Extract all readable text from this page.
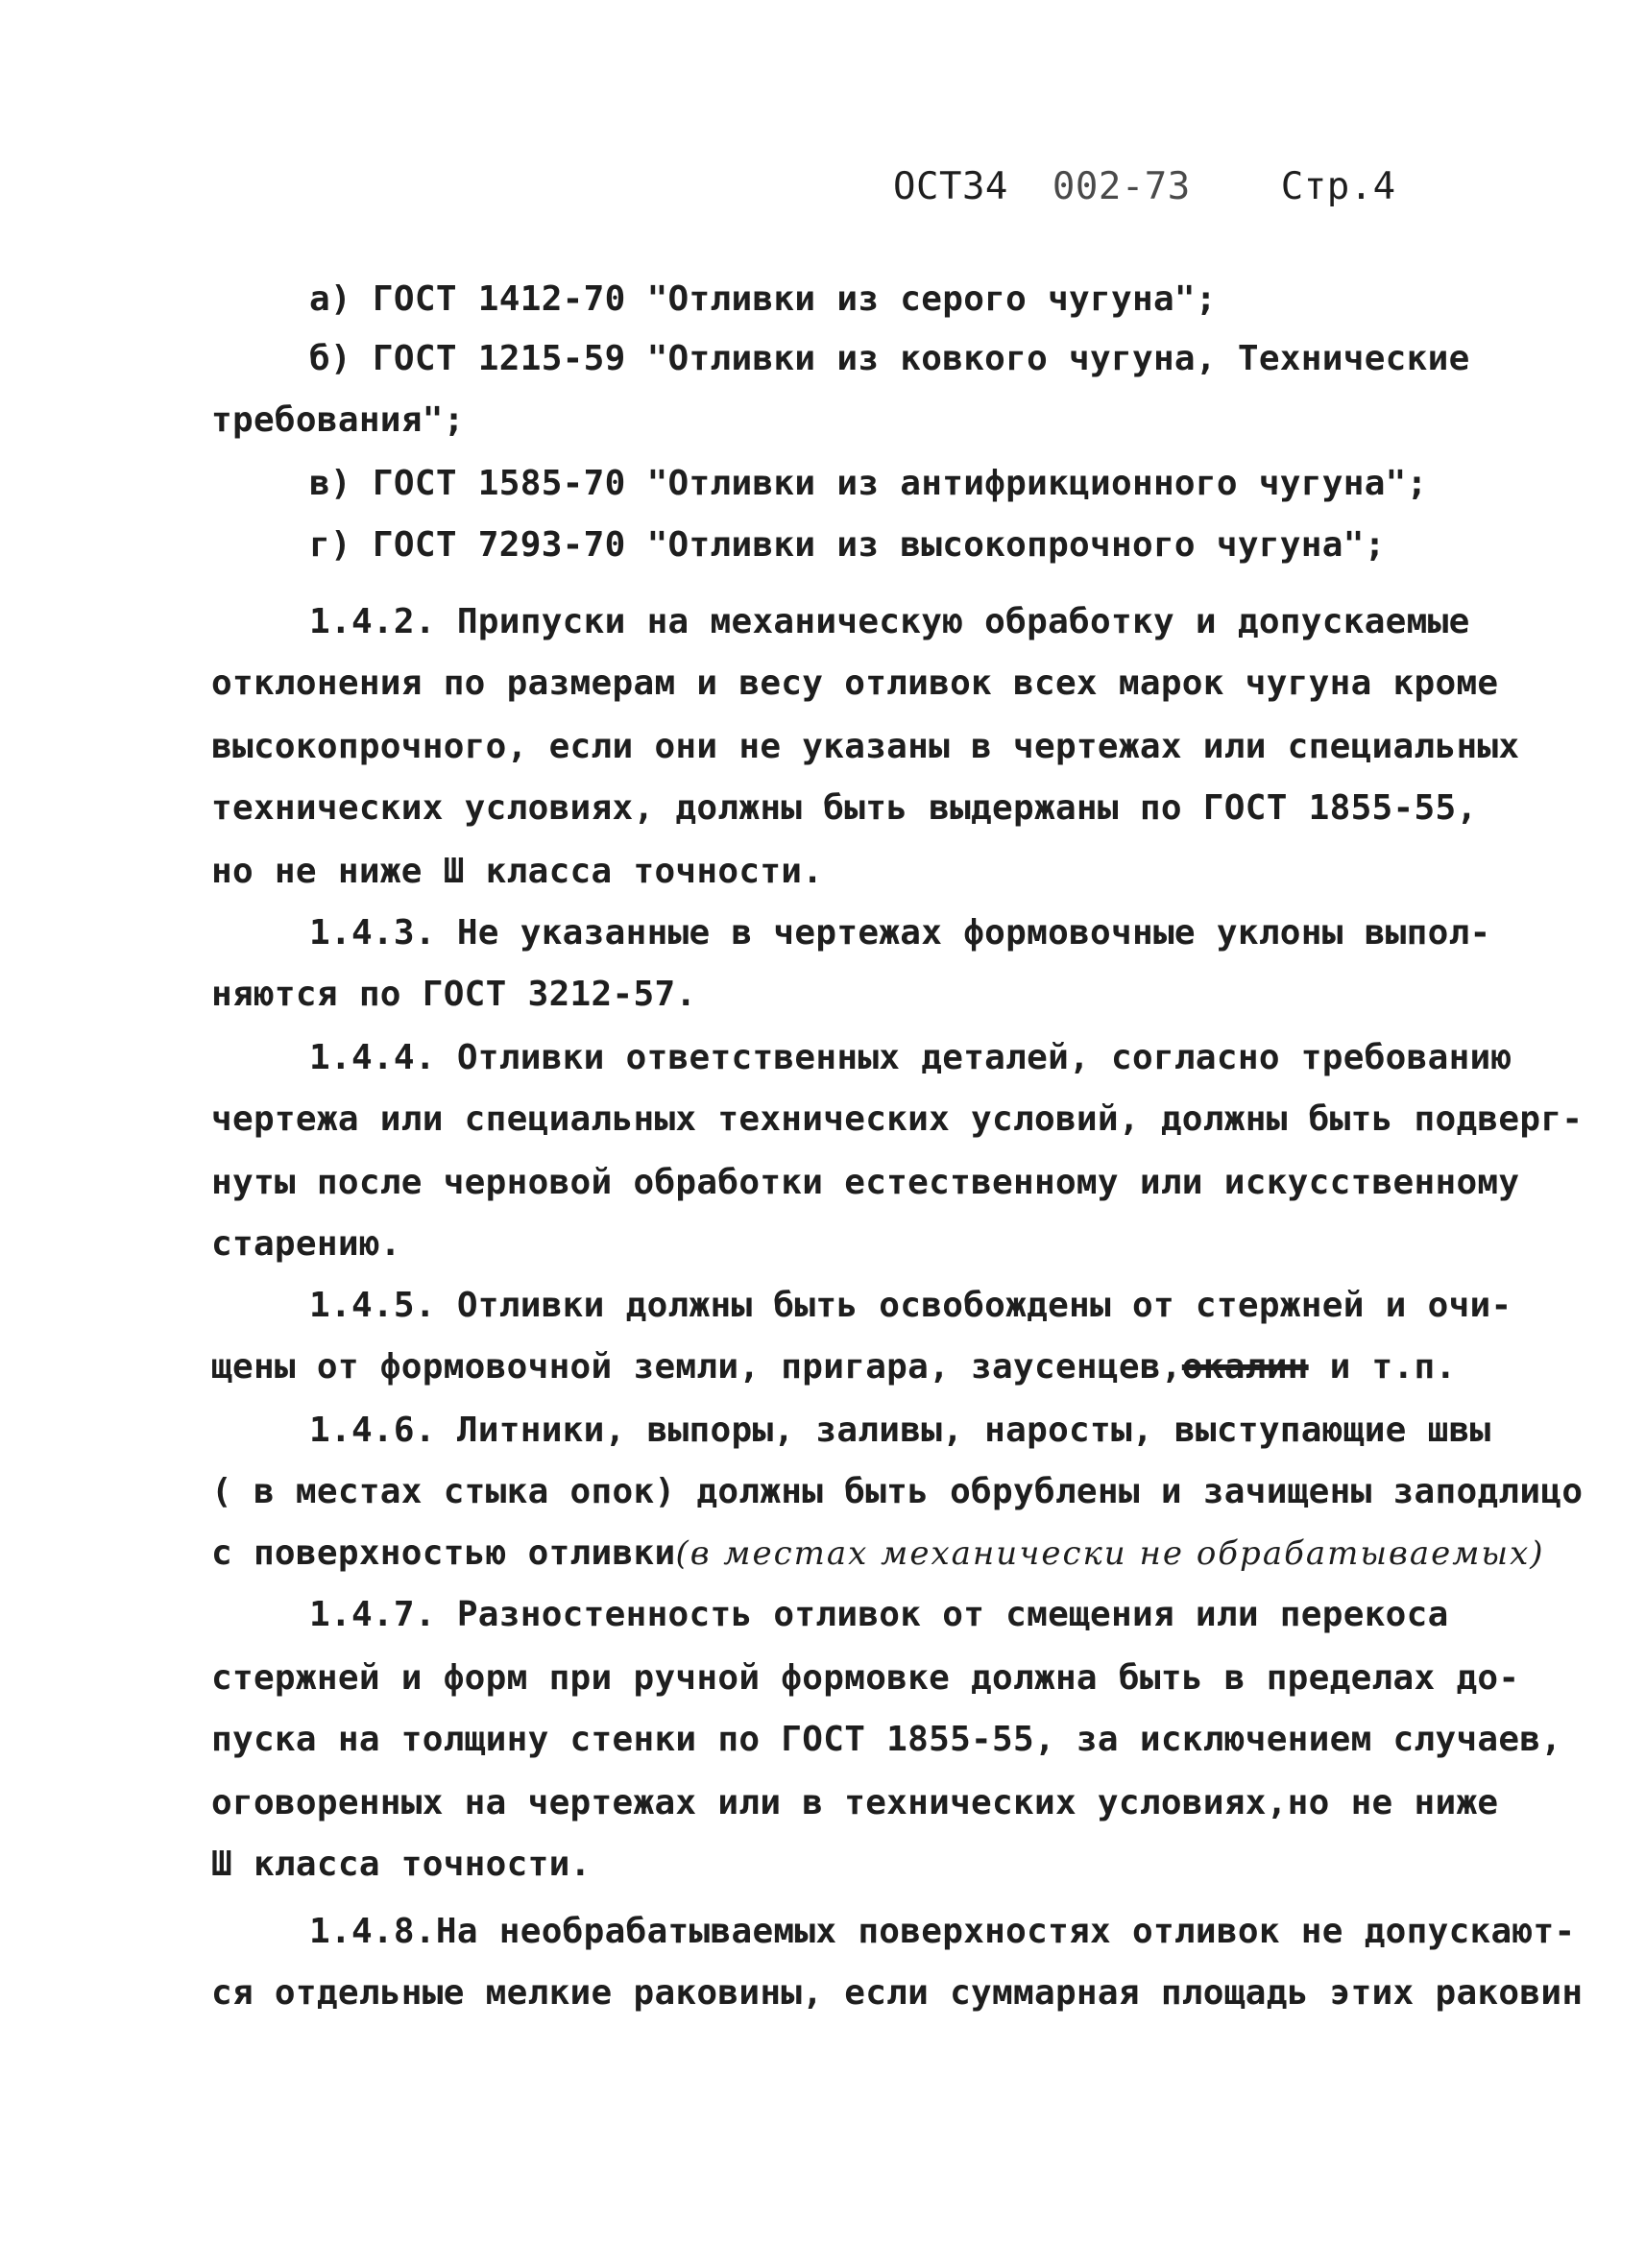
ОСТ34 002-73 Стр.4
а) ГОСТ 1412-70 "Отливки из серого чугуна";
б) ГОСТ 1215-59 "Отливки из ковкого чугуна, Технические
требования";
в) ГОСТ 1585-70 "Отливки из антифрикционного чугуна";
г) ГОСТ 7293-70 "Отливки из высокопрочного чугуна";
1.4.2. Припуски на механическую обработку и допускаемые
отклонения по размерам и весу отливок всех марок чугуна кроме
высокопрочного, если они не указаны в чертежах или специальных
технических условиях, должны быть выдержаны по ГОСТ 1855-55,
но не ниже Ш класса точности.
1.4.3. Не указанные в чертежах формовочные уклоны выпол-
няются по ГОСТ 3212-57.
1.4.4. Отливки ответственных деталей, согласно требованию
чертежа или специальных технических условий, должны быть подверг-
нуты после черновой обработки естественному или искусственному
старению.
1.4.5. Отливки должны быть освобождены от стержней и очи-
щены от формовочной земли, пригара, заусенцев,окалин и т.п.
1.4.6. Литники, выпоры, заливы, наросты, выступающие швы
( в местах стыка опок) должны быть обрублены и зачищены заподлицо
с поверхностью отливки(в местах механически не обрабатываемых)
1.4.7. Разностенность отливок от смещения или перекоса
стержней и форм при ручной формовке должна быть в пределах до-
пуска на толщину стенки по ГОСТ 1855-55, за исключением случаев,
оговоренных на чертежах или в технических условиях,но не ниже
Ш класса точности.
1.4.8.На необрабатываемых поверхностях отливок не допускают-
ся отдельные мелкие раковины, если суммарная площадь этих раковин
